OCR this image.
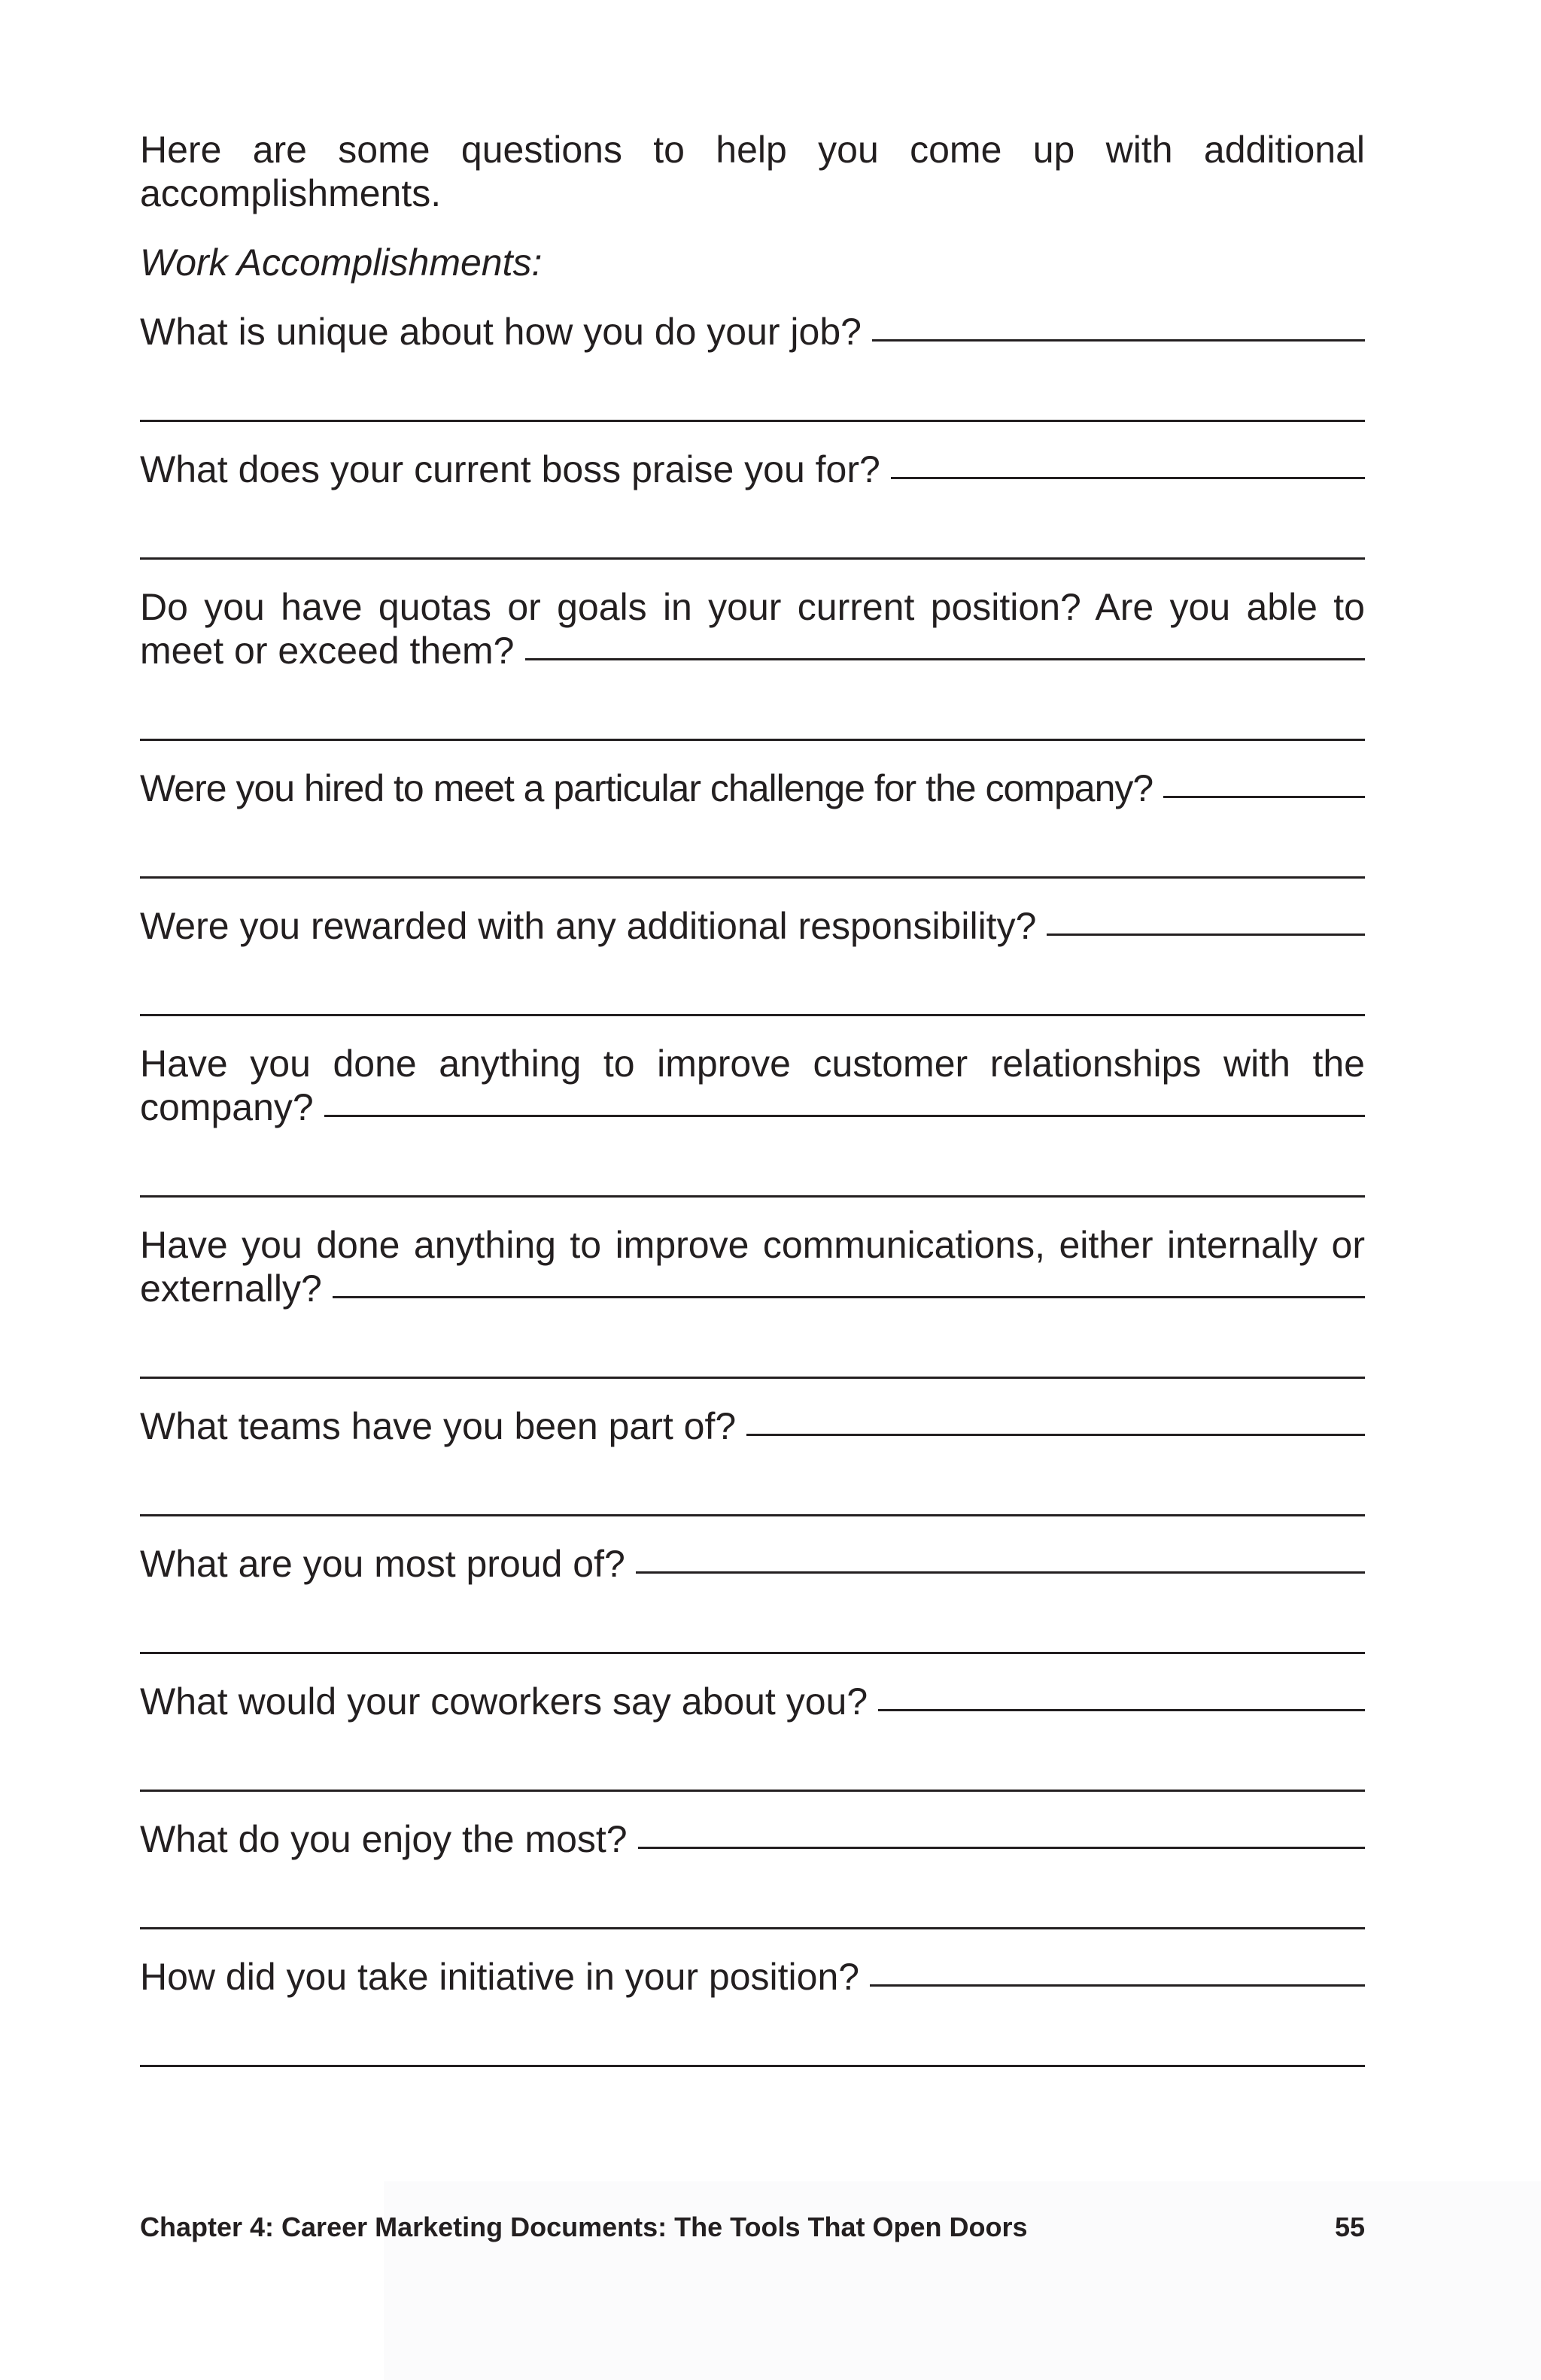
Here are some questions to help you come up with additional accomplishments.

Work Accomplishments:

What is unique about how you do your job?
What does your current boss praise you for?
Do you have quotas or goals in your current position? Are you able to
meet or exceed them?
Were you hired to meet a particular challenge for the company?
Were you rewarded with any additional responsibility?
Have you done anything to improve customer relationships with the
company?
Have you done anything to improve communications, either internally or
externally?
What teams have you been part of?
What are you most proud of?
What would your coworkers say about you?
What do you enjoy the most?
How did you take initiative in your position?
Chapter 4: Career Marketing Documents: The Tools That Open Doors	55
